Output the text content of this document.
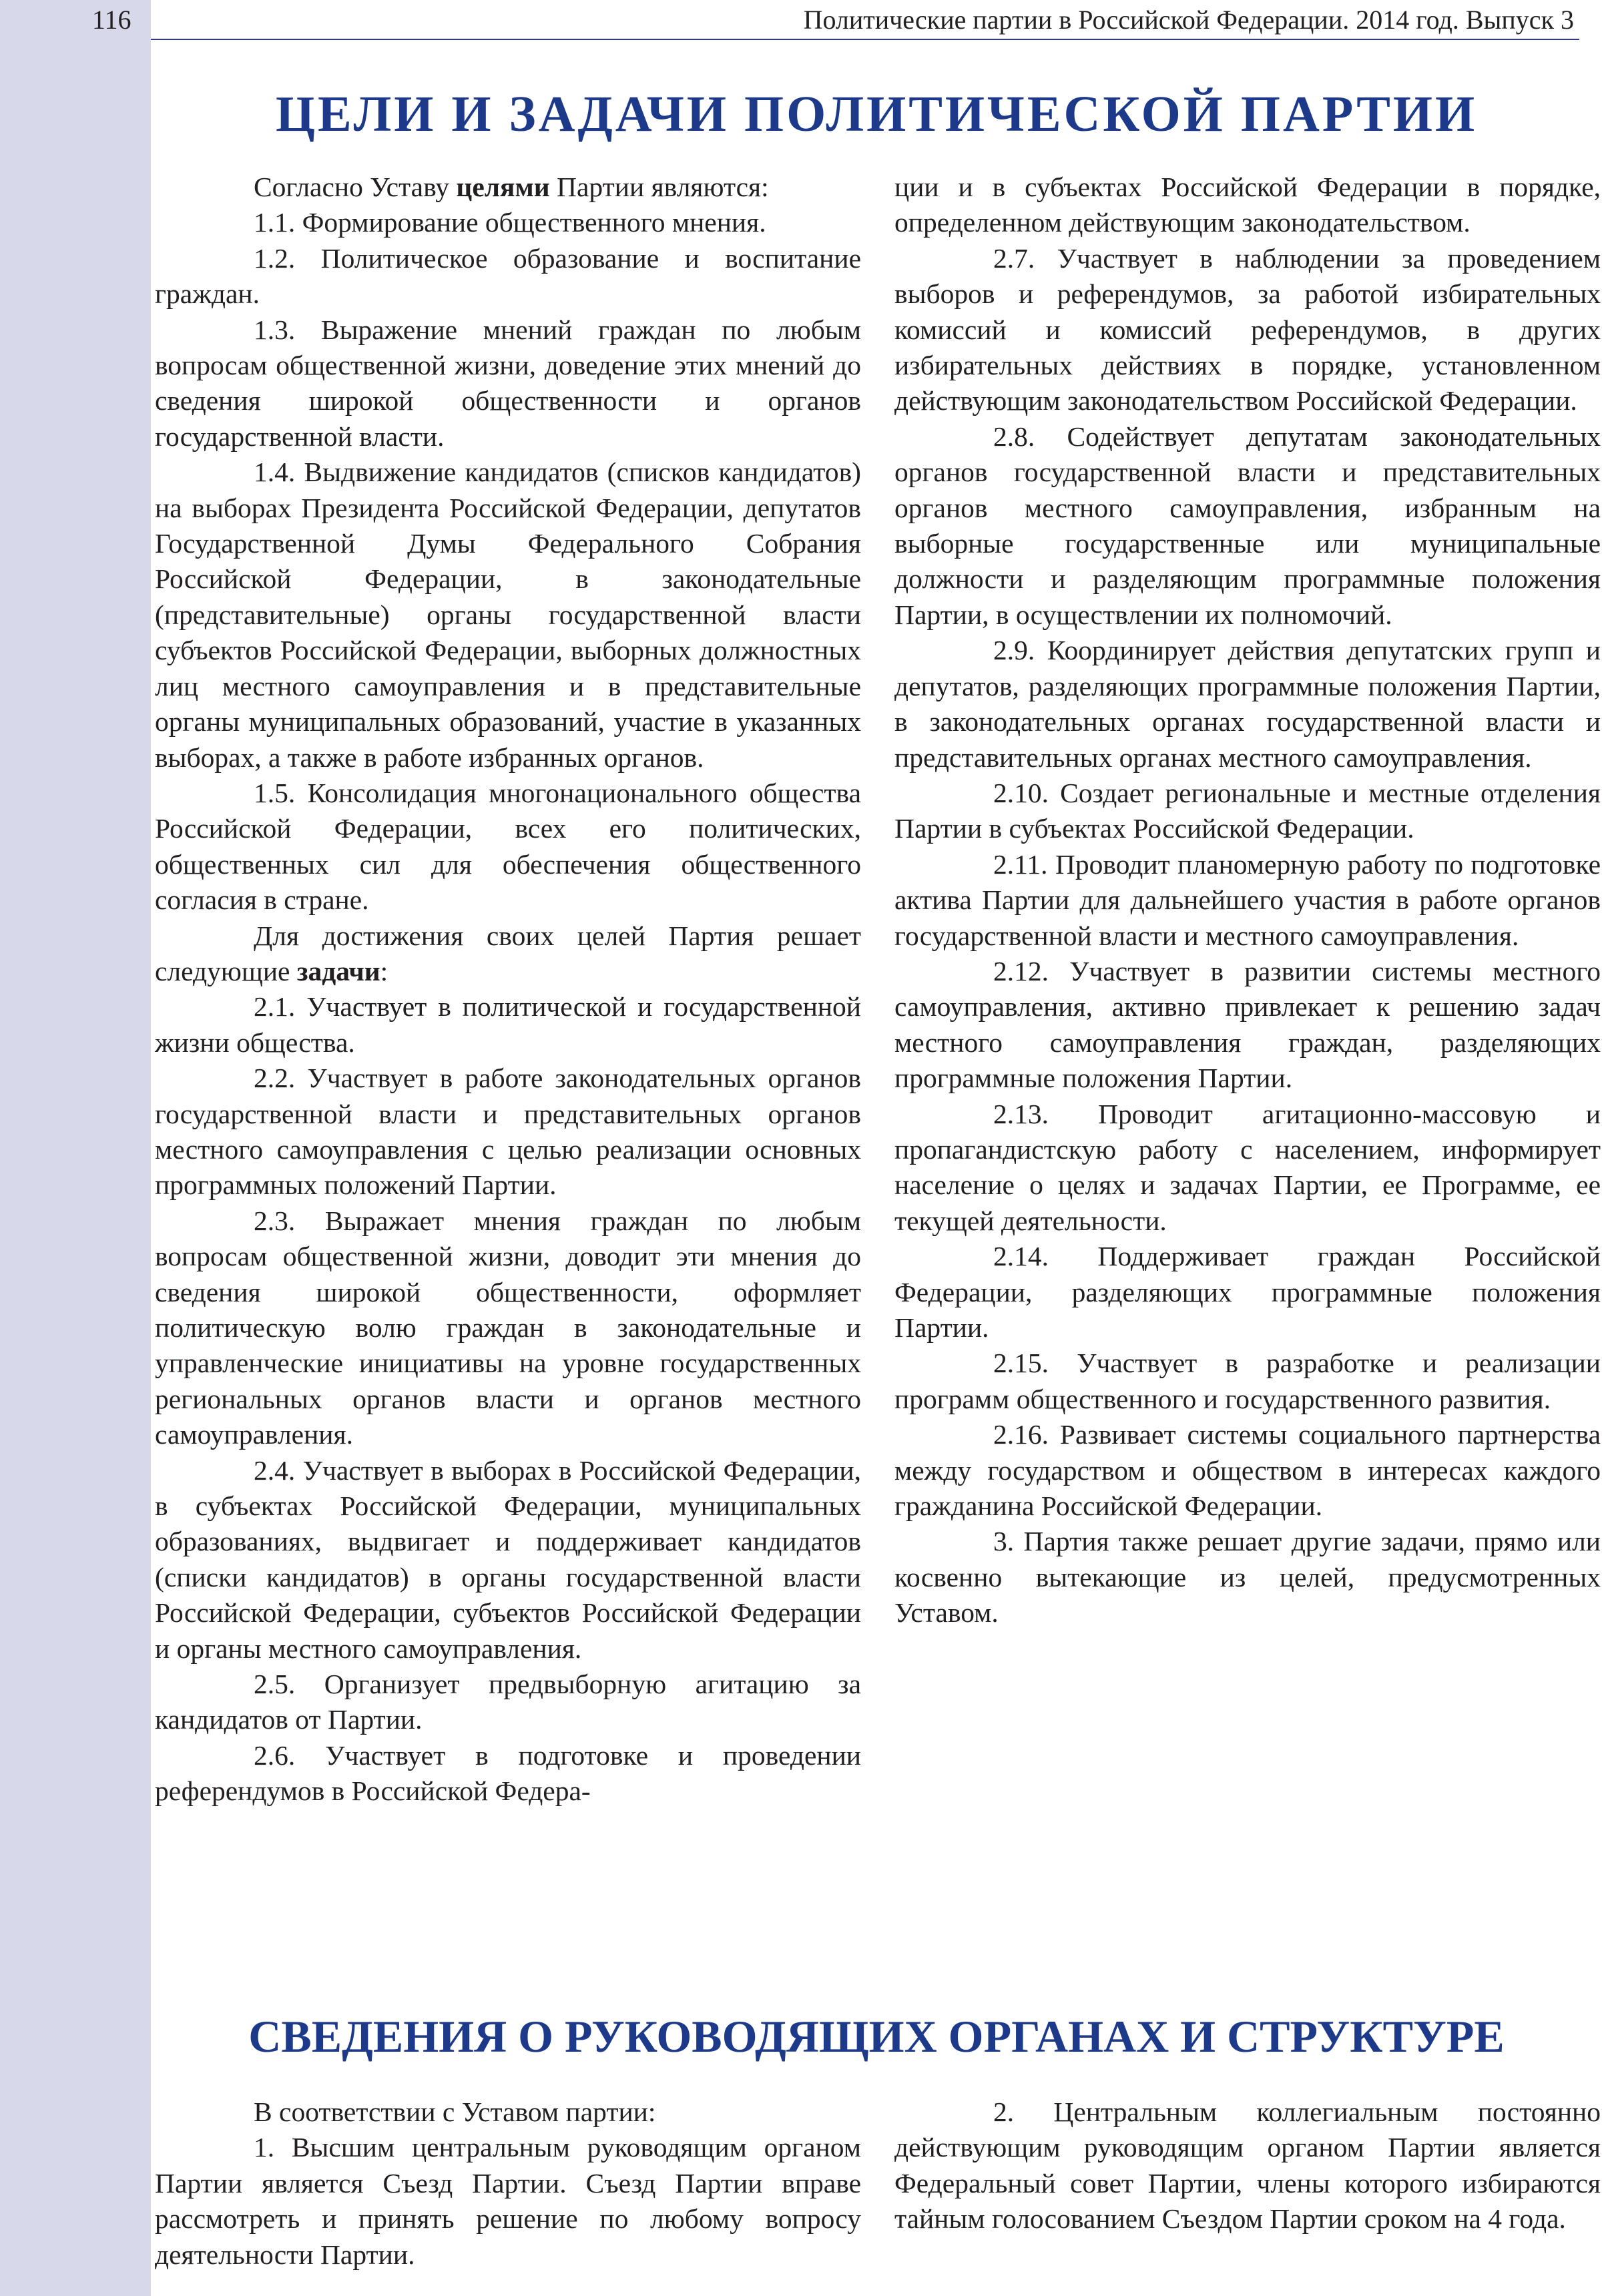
116	Политические партии в Российской Федерации. 2014 год. Выпуск 3
ЦЕЛИ И ЗАДАЧИ ПОЛИТИЧЕСКОЙ ПАРТИИ

Согласно Уставу целями Партии являются:

1.1. Формирование общественного мнения.

1.2. Политическое образование и воспитание граждан.

1.3. Выражение мнений граждан по любым вопросам общественной жизни, доведение этих мнений до сведения широкой общественности и органов государственной власти.

1.4. Выдвижение кандидатов (списков кандидатов) на выборах Президента Российской Федерации, депутатов Государственной Думы Федерального Собрания Российской Федерации, в законодательные (представительные) органы государственной власти субъектов Российской Федерации, выборных должностных лиц местного самоуправления и в представительные органы муниципальных образований, участие в указанных выборах, а также в работе избранных органов.

1.5. Консолидация многонационального общества Российской Федерации, всех его политических, общественных сил для обеспечения общественного согласия в стране.

Для достижения своих целей Партия решает следующие задачи:

2.1. Участвует в политической и государственной жизни общества.

2.2. Участвует в работе законодательных органов государственной власти и представительных органов местного самоуправления с целью реализации основных программных положений Партии.

2.3. Выражает мнения граждан по любым вопросам общественной жизни, доводит эти мнения до сведения широкой общественности, оформляет политическую волю граждан в законодательные и управленческие инициативы на уровне государственных региональных органов власти и органов местного самоуправления.

2.4. Участвует в выборах в Российской Федерации, в субъектах Российской Федерации, муниципальных образованиях, выдвигает и поддерживает кандидатов (списки кандидатов) в органы государственной власти Российской Федерации, субъектов Российской Федерации и органы местного самоуправления.

2.5. Организует предвыборную агитацию за кандидатов от Партии.

2.6. Участвует в подготовке и проведении референдумов в Российской Федера-

ции и в субъектах Российской Федерации в порядке, определенном действующим законодательством.

2.7. Участвует в наблюдении за проведением выборов и референдумов, за работой избирательных комиссий и комиссий референдумов, в других избирательных действиях в порядке, установленном действующим законодательством Российской Федерации.

2.8. Содействует депутатам законодательных органов государственной власти и представительных органов местного самоуправления, избранным на выборные государственные или муниципальные должности и разделяющим программные положения Партии, в осуществлении их полномочий.

2.9. Координирует действия депутатских групп и депутатов, разделяющих программные положения Партии, в законодательных органах государственной власти и представительных органах местного самоуправления.

2.10. Создает региональные и местные отделения Партии в субъектах Российской Федерации.

2.11. Проводит планомерную работу по подготовке актива Партии для дальнейшего участия в работе органов государственной власти и местного самоуправления.

2.12. Участвует в развитии системы местного самоуправления, активно привлекает к решению задач местного самоуправления граждан, разделяющих программные положения Партии.

2.13. Проводит агитационно-массовую и пропагандистскую работу с населением, информирует население о целях и задачах Партии, ее Программе, ее текущей деятельности.

2.14. Поддерживает граждан Российской Федерации, разделяющих программные положения Партии.

2.15. Участвует в разработке и реализации программ общественного и государственного развития.

2.16. Развивает системы социального партнерства между государством и обществом в интересах каждого гражданина Российской Федерации.

3. Партия также решает другие задачи, прямо или косвенно вытекающие из целей, предусмотренных Уставом.

СВЕДЕНИЯ О РУКОВОДЯЩИХ ОРГАНАХ И СТРУКТУРЕ

В соответствии с Уставом партии:

1. Высшим центральным руководящим органом Партии является Съезд Партии. Съезд Партии вправе рассмотреть и принять решение по любому вопросу деятельности Партии.

2. Центральным коллегиальным постоянно действующим руководящим органом Партии является Федеральный совет Партии, члены которого избираются тайным голосованием Съездом Партии сроком на 4 года.
